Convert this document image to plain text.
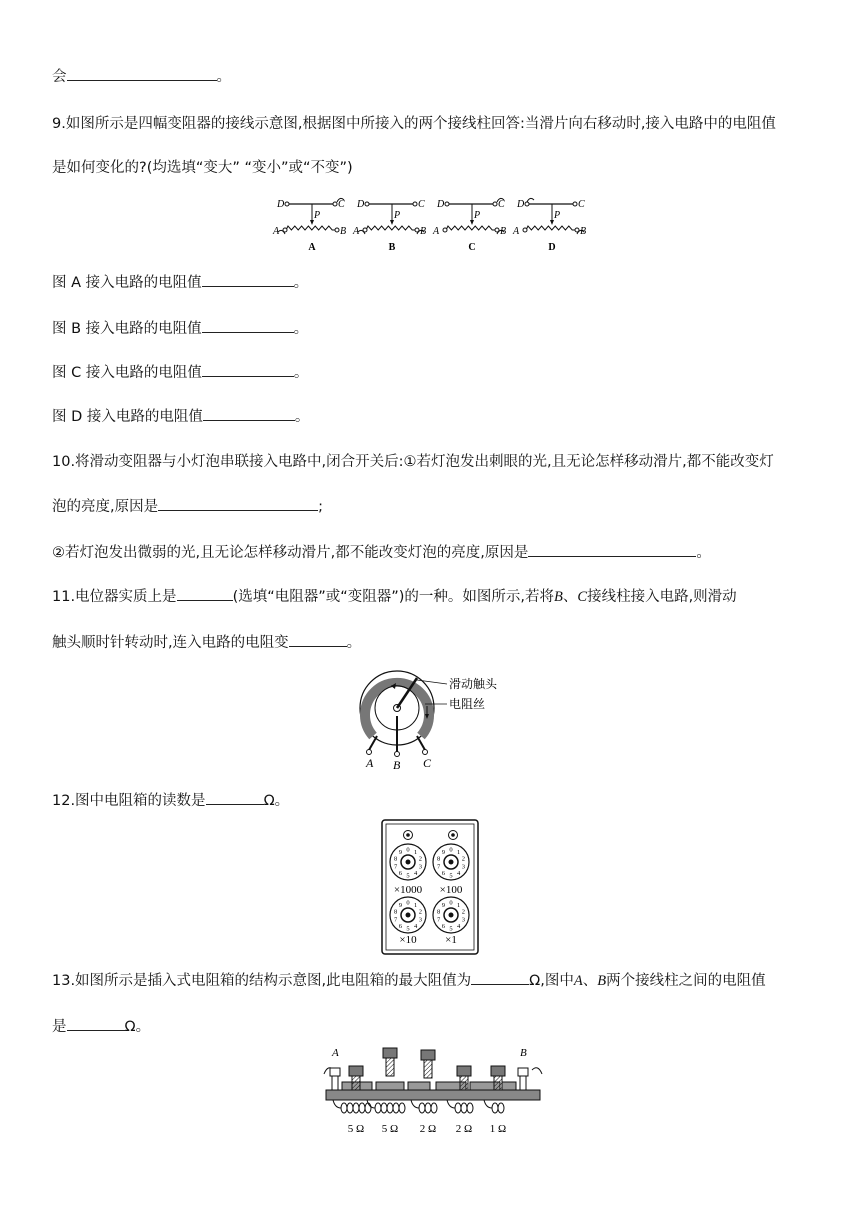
会	。
9.如图所示是四幅变阻器的接线示意图,根据图中所接入的两个接线柱回答:当滑片向右移动时,接入电路中的电阻值
是如何变化的?(均选填“变大” “变小”或“不变”)
D	C
A	B
P
A
D	C
A	B
P
B
D	C
A	B
P
C
D	C
A	B
P
D
图 A 接入电路的电阻值	。
图 B 接入电路的电阻值	。
图 C 接入电路的电阻值	。
图 D 接入电路的电阻值	。
10.将滑动变阻器与小灯泡串联接入电路中,闭合开关后:①若灯泡发出刺眼的光,且无论怎样移动滑片,都不能改变灯
泡的亮度,原因是	;
②若灯泡发出微弱的光,且无论怎样移动滑片,都不能改变灯泡的亮度,原因是	。
11.电位器实质上是	(选填“电阻器”或“变阻器”)的一种。如图所示,若将B、C接线柱接入电路,则滑动
触头顺时针转动时,连入电路的电阻变	。
滑动触头
电阻丝
A B C
12.图中电阻箱的读数是	Ω。
0 1
2
3
4
5
6
7
8
9	0 1
2
3
4
5
6
7
8
9
0 1
2
3
4
5
6
7
8
9	0 1
2
3
4
5
6
7
8
9
×1000 ×100
×10	×1
13.如图所示是插入式电阻箱的结构示意图,此电阻箱的最大阻值为	Ω,图中A、B两个接线柱之间的电阻值
是	Ω。
A	B
5 Ω 5 Ω 2 Ω 2 Ω 1 Ω
